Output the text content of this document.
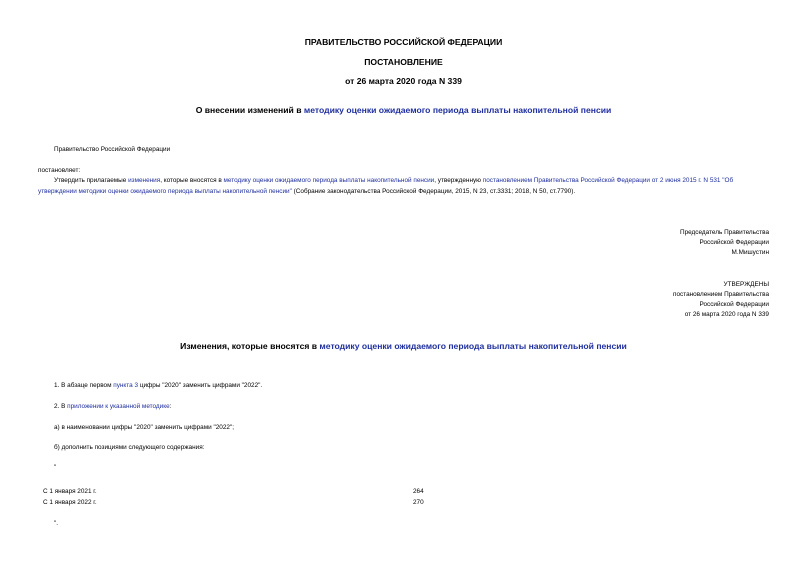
ПРАВИТЕЛЬСТВО РОССИЙСКОЙ ФЕДЕРАЦИИ
ПОСТАНОВЛЕНИЕ
от 26 марта 2020 года N 339
О внесении изменений в методику оценки ожидаемого периода выплаты накопительной пенсии
Правительство Российской Федерации
постановляет:
Утвердить прилагаемые изменения, которые вносятся в методику оценки ожидаемого периода выплаты накопительной пенсии, утвержденную постановлением Правительства Российской Федерации от 2 июня 2015 г. N 531 "Об утверждении методики оценки ожидаемого периода выплаты накопительной пенсии" (Собрание законодательства Российской Федерации, 2015, N 23, ст.3331; 2018, N 50, ст.7790).
Председатель Правительства
Российской Федерации
М.Мишустин
УТВЕРЖДЕНЫ
постановлением Правительства
Российской Федерации
от 26 марта 2020 года N 339
Изменения, которые вносятся в методику оценки ожидаемого периода выплаты накопительной пенсии
1. В абзаце первом пункта 3 цифры "2020" заменить цифрами "2022".
2. В приложении к указанной методике:
а) в наименовании цифры "2020" заменить цифрами "2022";
б) дополнить позициями следующего содержания:
"
С 1 января 2021 г.	264
С 1 января 2022 г.	270
".
